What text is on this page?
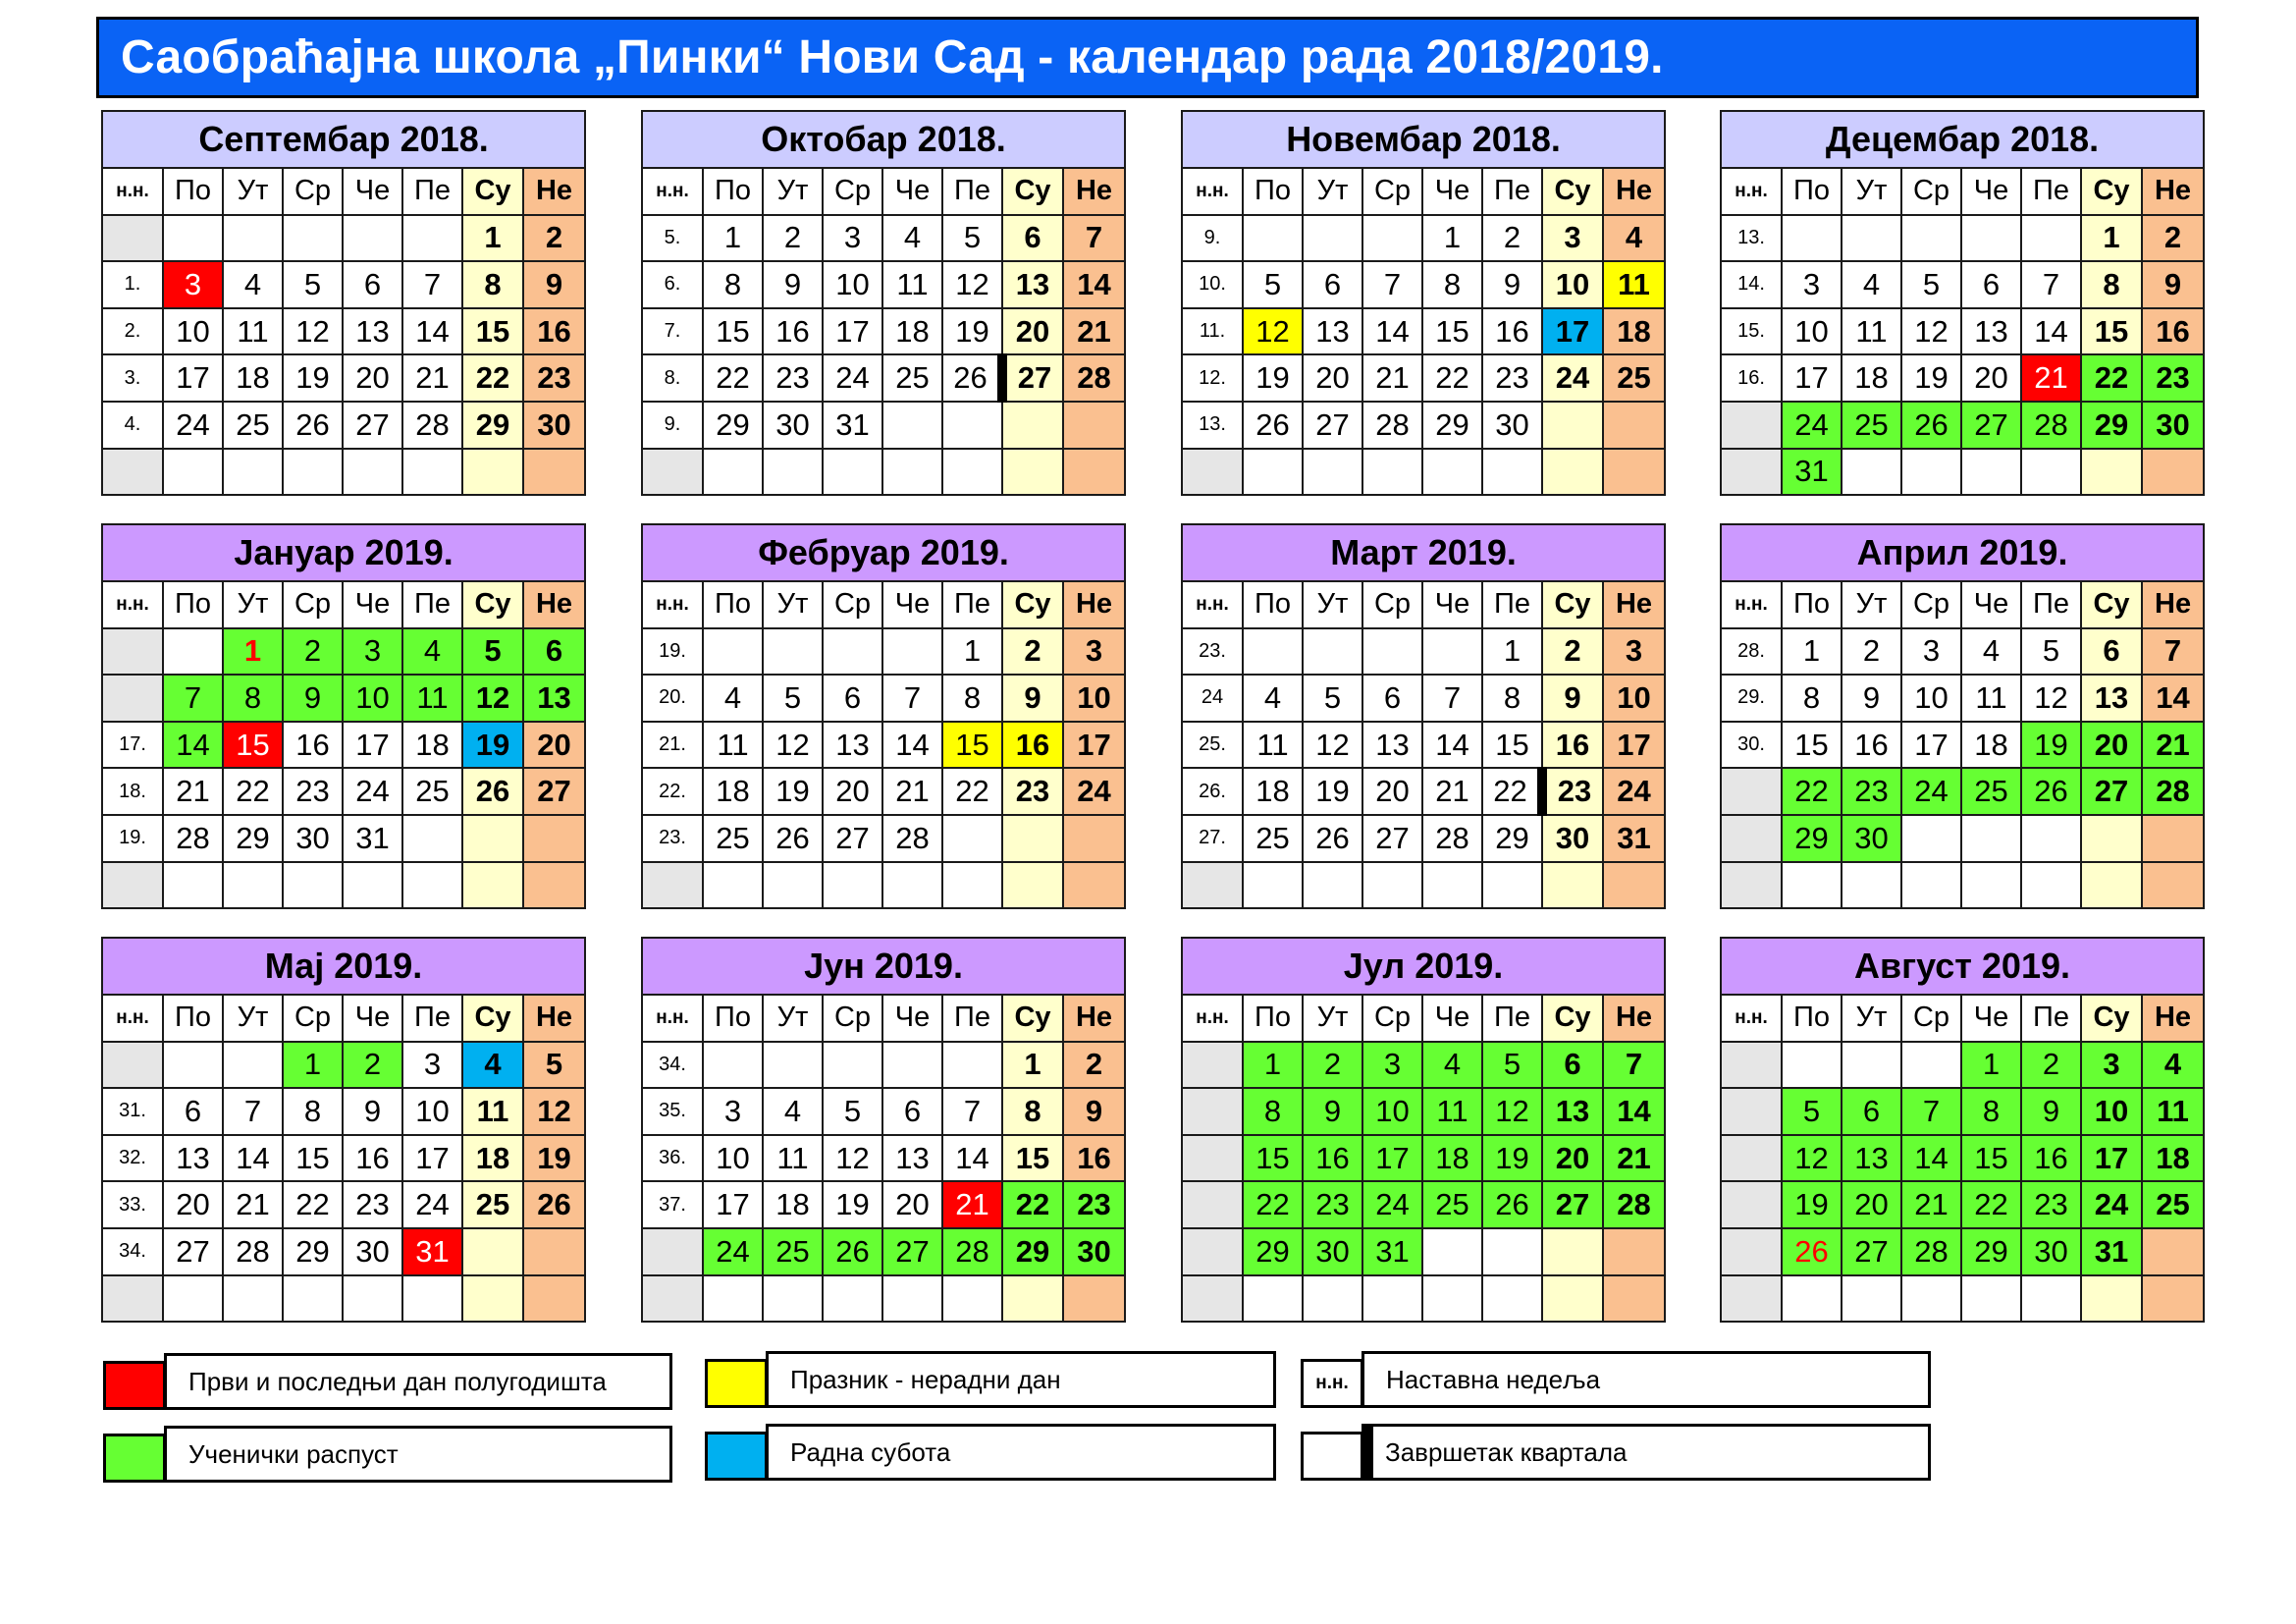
Саобраћајна школа „Пинки“ Нови Сад - календар рада 2018/2019.
Септембар 2018.							
н.н.	По	Ут	Ср	Че	Пе	Су	Не
						1	2
1.	3	4	5	6	7	8	9
2.	10	11	12	13	14	15	16
3.	17	18	19	20	21	22	23
4.	24	25	26	27	28	29	30

Октобар 2018.							
н.н.	По	Ут	Ср	Че	Пе	Су	Не
5.	1	2	3	4	5	6	7
6.	8	9	10	11	12	13	14
7.	15	16	17	18	19	20	21
8.	22	23	24	25	26	27	28
9.	29	30	31				

Новембар 2018.							
н.н.	По	Ут	Ср	Че	Пе	Су	Не
9.				1	2	3	4
10.	5	6	7	8	9	10	11
11.	12	13	14	15	16	17	18
12.	19	20	21	22	23	24	25
13.	26	27	28	29	30		

Децембар 2018.							
н.н.	По	Ут	Ср	Че	Пе	Су	Не
13.						1	2
14.	3	4	5	6	7	8	9
15.	10	11	12	13	14	15	16
16.	17	18	19	20	21	22	23
	24	25	26	27	28	29	30
	31						
Јануар 2019.							
н.н.	По	Ут	Ср	Че	Пе	Су	Не
		1	2	3	4	5	6
	7	8	9	10	11	12	13
17.	14	15	16	17	18	19	20
18.	21	22	23	24	25	26	27
19.	28	29	30	31			

Фебруар 2019.							
н.н.	По	Ут	Ср	Че	Пе	Су	Не
19.					1	2	3
20.	4	5	6	7	8	9	10
21.	11	12	13	14	15	16	17
22.	18	19	20	21	22	23	24
23.	25	26	27	28			

Март 2019.							
н.н.	По	Ут	Ср	Че	Пе	Су	Не
23.					1	2	3
24	4	5	6	7	8	9	10
25.	11	12	13	14	15	16	17
26.	18	19	20	21	22	23	24
27.	25	26	27	28	29	30	31

Април 2019.							
н.н.	По	Ут	Ср	Че	Пе	Су	Не
28.	1	2	3	4	5	6	7
29.	8	9	10	11	12	13	14
30.	15	16	17	18	19	20	21
	22	23	24	25	26	27	28
	29	30					

Мај 2019.							
н.н.	По	Ут	Ср	Че	Пе	Су	Не
			1	2	3	4	5
31.	6	7	8	9	10	11	12
32.	13	14	15	16	17	18	19
33.	20	21	22	23	24	25	26
34.	27	28	29	30	31		

Јун 2019.							
н.н.	По	Ут	Ср	Че	Пе	Су	Не
34.						1	2
35.	3	4	5	6	7	8	9
36.	10	11	12	13	14	15	16
37.	17	18	19	20	21	22	23
	24	25	26	27	28	29	30

Јул 2019.							
н.н.	По	Ут	Ср	Че	Пе	Су	Не
	1	2	3	4	5	6	7
	8	9	10	11	12	13	14
	15	16	17	18	19	20	21
	22	23	24	25	26	27	28
	29	30	31				

Август 2019.							
н.н.	По	Ут	Ср	Че	Пе	Су	Не
				1	2	3	4
	5	6	7	8	9	10	11
	12	13	14	15	16	17	18
	19	20	21	22	23	24	25
	26	27	28	29	30	31	

Први и последњи дан полугодишта
Ученички распуст
Празник - нерадни дан
Радна субота
н.н.	Наставна недеља
Завршетак квартала
